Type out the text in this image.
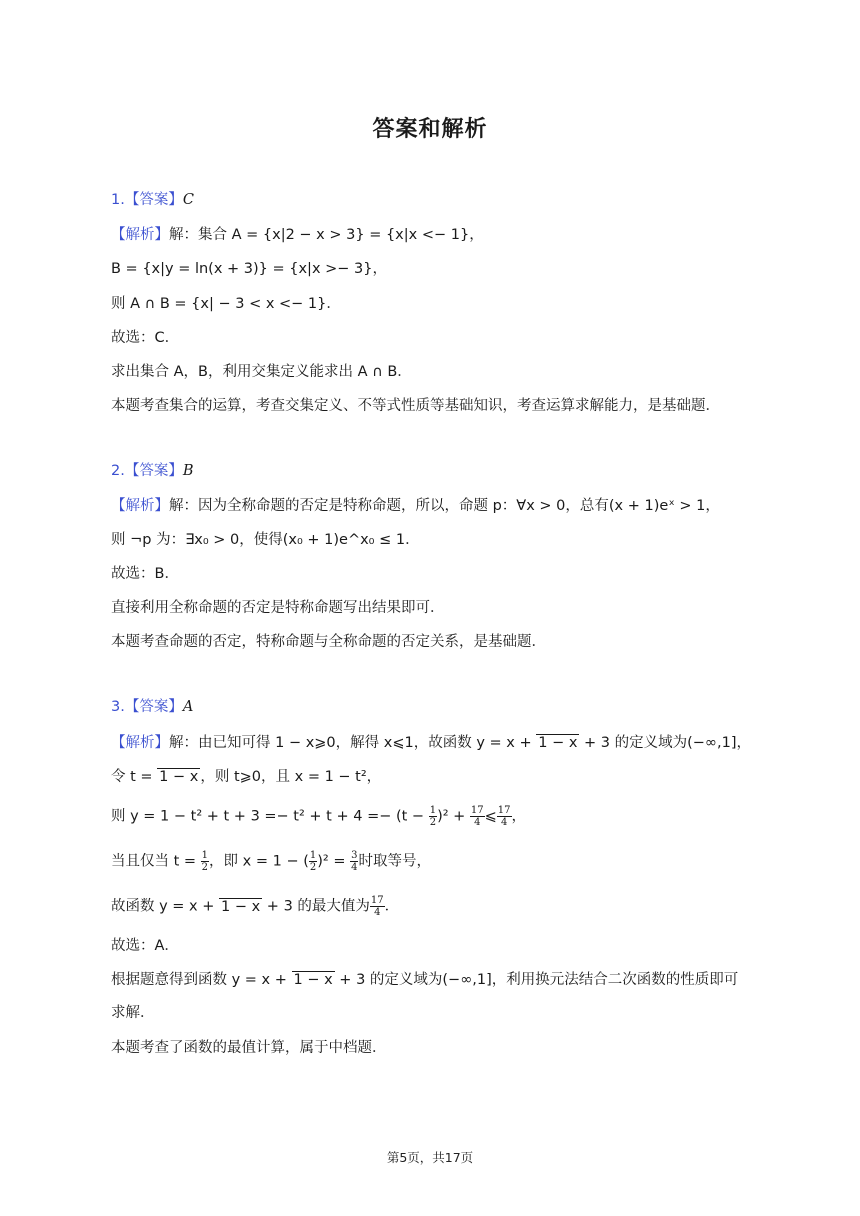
答案和解析
1.【答案】C
【解析】解：集合 A = {x|2 − x > 3} = {x|x <− 1}，
B = {x|y = ln(x + 3)} = {x|x >− 3}，
则 A ∩ B = {x| − 3 < x <− 1}．
故选：C．
求出集合 A，B，利用交集定义能求出 A ∩ B．
本题考查集合的运算，考查交集定义、不等式性质等基础知识，考查运算求解能力，是基础题．
2.【答案】B
【解析】解：因为全称命题的否定是特称命题，所以，命题 p：∀x > 0，总有(x + 1)eˣ > 1，
则 ¬p 为：∃x₀ > 0，使得(x₀ + 1)e^x₀ ≤ 1．
故选：B．
直接利用全称命题的否定是特称命题写出结果即可．
本题考查命题的否定，特称命题与全称命题的否定关系，是基础题．
3.【答案】A
【解析】解：由已知可得 1 − x⩾0，解得 x⩽1，故函数 y = x + 1 − x + 3 的定义域为(−∞,1]，
令 t = 1 − x ，则 t⩾0，且 x = 1 − t²，
则 $y = 1 - t^2 + t + 3 =- t^2 + t + 4 =- (t - \frac{1}{2} )^2 + \frac{17}{4}$ ⩽ $\frac{17}{4}$ ，
当且仅当 $t = \frac{1}{2}$ ，即 x = 1 − ( $\frac{1}{2} )^2 = \frac{3}{4}$ 时取等号，
故函数 y = x + 1 − x + 3 的最大值为 $\frac{17}{4}$ ．
故选：A．
根据题意得到函数 y = x + 1 − x + 3 的定义域为(−∞,1]，利用换元法结合二次函数的性质即可
求解．
本题考查了函数的最值计算，属于中档题．
第5页，共17页
